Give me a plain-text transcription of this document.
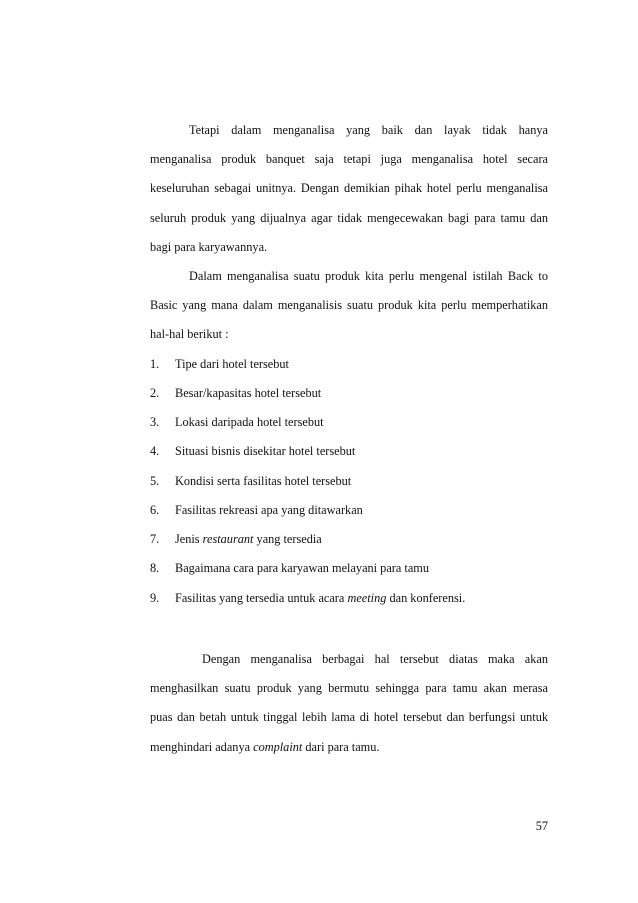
Tetapi dalam menganalisa yang baik dan layak tidak hanya
menganalisa produk banquet saja tetapi juga menganalisa hotel secara
keseluruhan sebagai unitnya. Dengan demikian pihak hotel perlu menganalisa
seluruh produk yang dijualnya agar tidak mengecewakan bagi para tamu dan
bagi para karyawannya.
Dalam menganalisa suatu produk kita perlu mengenal istilah Back to
Basic yang mana dalam menganalisis suatu produk kita perlu memperhatikan
hal-hal berikut :
1. Tipe dari hotel tersebut
2. Besar/kapasitas hotel tersebut
3. Lokasi daripada hotel tersebut
4. Situasi bisnis disekitar hotel tersebut
5. Kondisi serta fasilitas hotel tersebut
6. Fasilitas rekreasi apa yang ditawarkan
7. Jenis restaurant yang tersedia
8. Bagaimana cara para karyawan melayani para tamu
9. Fasilitas yang tersedia untuk acara meeting dan konferensi.
Dengan menganalisa berbagai hal tersebut diatas maka akan
menghasilkan suatu produk yang bermutu sehingga para tamu akan merasa
puas dan betah untuk tinggal lebih lama di hotel tersebut dan berfungsi untuk
menghindari adanya complaint dari para tamu.
57
